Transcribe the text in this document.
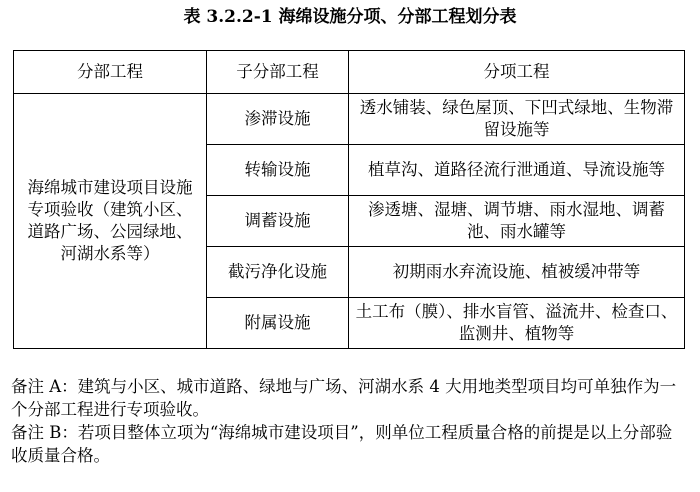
表 3.2.2-1 海绵设施分项、分部工程划分表
分部工程	子分部工程	分项工程
海绵城市建设项目设施专项验收（建筑小区、道路广场、公园绿地、河湖水系等）	渗滞设施	透水铺装、绿色屋顶、下凹式绿地、生物滞留设施等
	转输设施	植草沟、道路径流行泄通道、导流设施等
	调蓄设施	渗透塘、湿塘、调节塘、雨水湿地、调蓄池、雨水罐等
	截污净化设施	初期雨水弃流设施、植被缓冲带等
	附属设施	土工布（膜）、排水盲管、溢流井、检查口、监测井、植物等

备注 A：建筑与小区、城市道路、绿地与广场、河湖水系 4 大用地类型项目均可单独作为一个分部工程进行专项验收。

备注 B：若项目整体立项为“海绵城市建设项目”，则单位工程质量合格的前提是以上分部验收质量合格。
